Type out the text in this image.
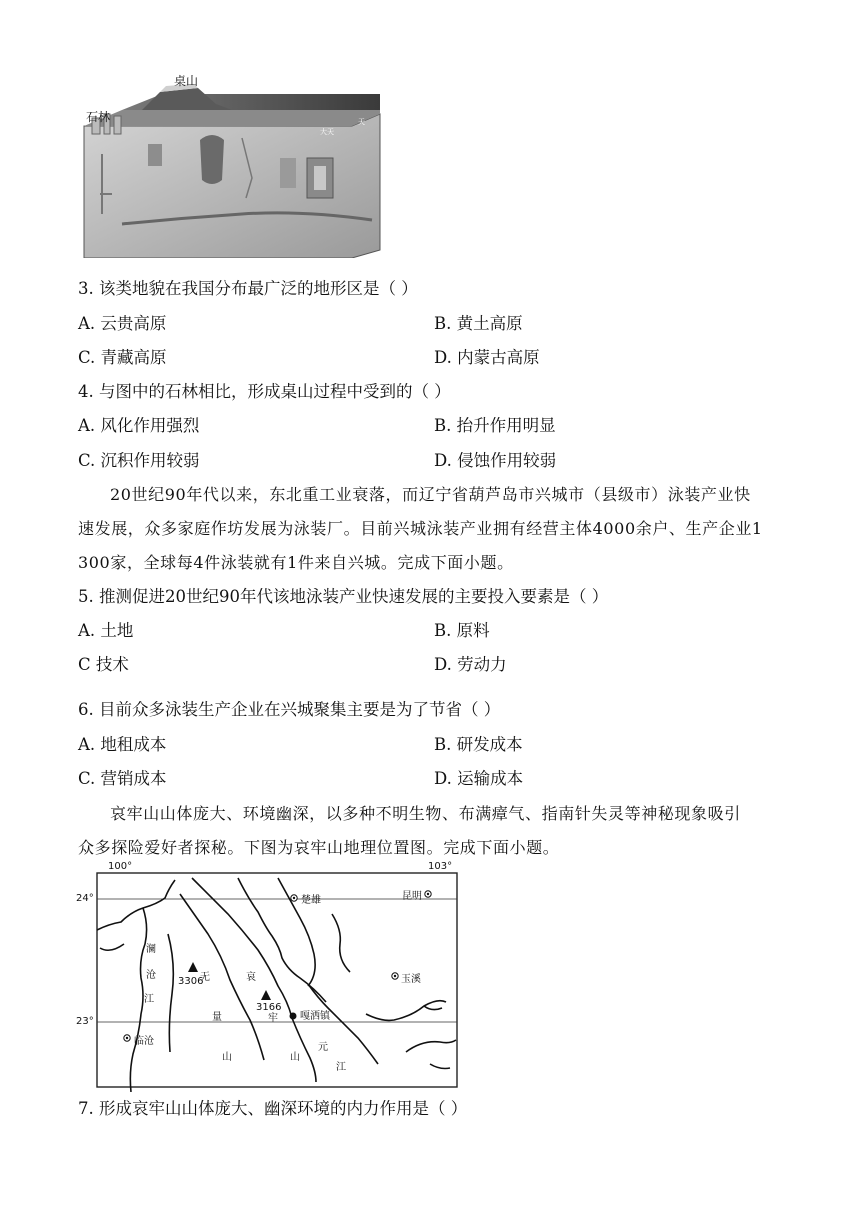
大天
天
桌山
石林
3. 该类地貌在我国分布最广泛的地形区是（ ）
A. 云贵高原	B. 黄土高原
C. 青藏高原	D. 内蒙古高原
4. 与图中的石林相比，形成桌山过程中受到的（ ）
A. 风化作用强烈	B. 抬升作用明显
C. 沉积作用较弱	D. 侵蚀作用较弱
20世纪90年代以来，东北重工业衰落，而辽宁省葫芦岛市兴城市（县级市）泳装产业快
速发展，众多家庭作坊发展为泳装厂。目前兴城泳装产业拥有经营主体4000余户、生产企业1
300家，全球每4件泳装就有1件来自兴城。完成下面小题。
5. 推测促进20世纪90年代该地泳装产业快速发展的主要投入要素是（ ）
A. 土地	B. 原料
C 技术	D. 劳动力
6. 目前众多泳装生产企业在兴城聚集主要是为了节省（ ）
A. 地租成本	B. 研发成本
C. 营销成本	D. 运输成本
哀牢山山体庞大、环境幽深，以多种不明生物、布满瘴气、指南针失灵等神秘现象吸引
众多探险爱好者探秘。下图为哀牢山地理位置图。完成下面小题。
100°	103°
24°
23°
楚雄	昆明
玉溪
临沧
嘎洒镇
3306
3166
澜
沧
江
无
量
山
哀
牢
山
元
江
7. 形成哀牢山山体庞大、幽深环境的内力作用是（ ）
